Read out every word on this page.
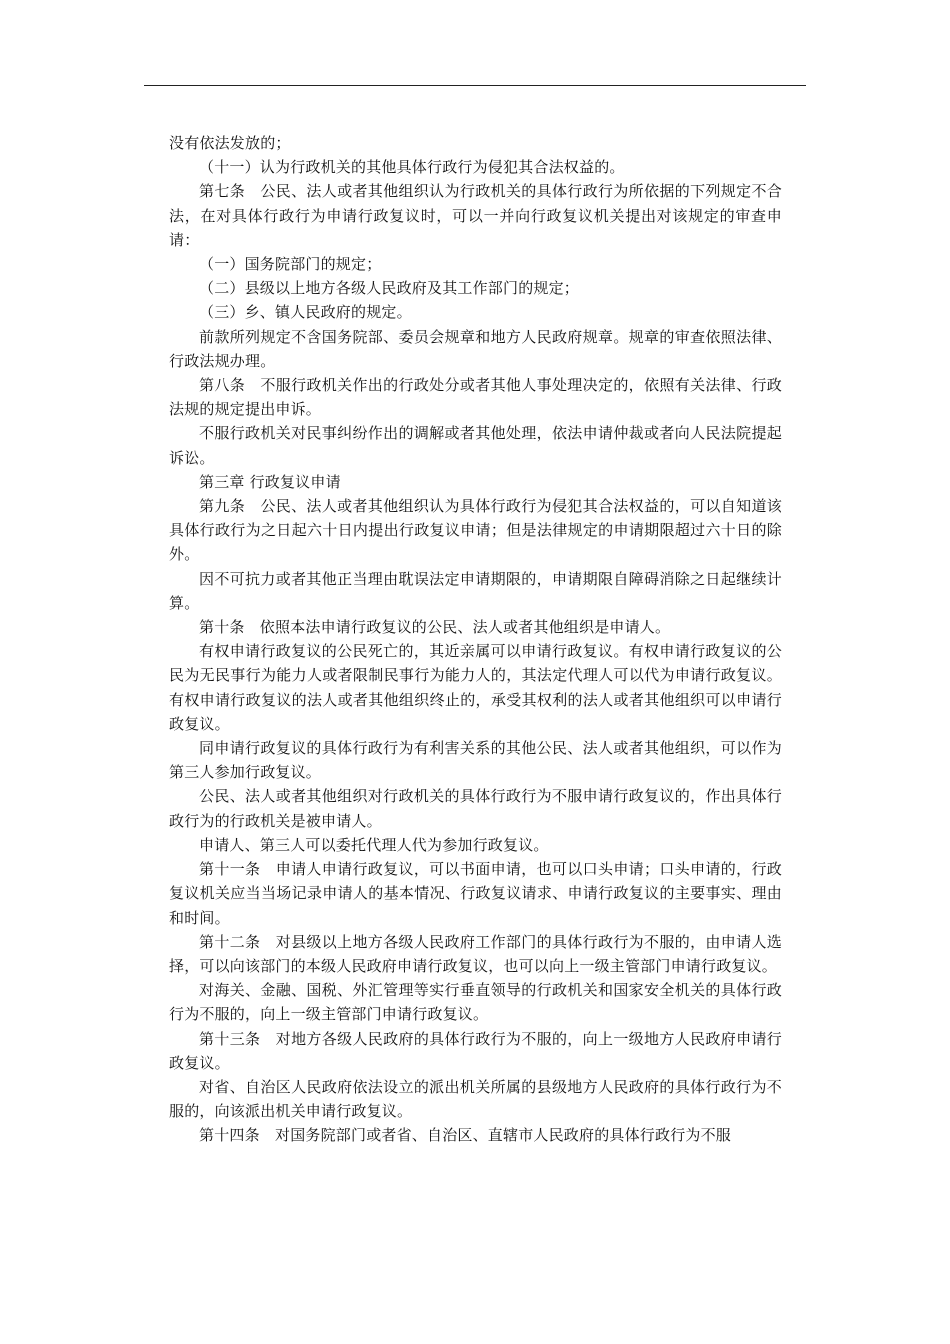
没有依法发放的；

（十一）认为行政机关的其他具体行政行为侵犯其合法权益的。

第七条　公民、法人或者其他组织认为行政机关的具体行政行为所依据的下列规定不合法，在对具体行政行为申请行政复议时，可以一并向行政复议机关提出对该规定的审查申请：

（一）国务院部门的规定；

（二）县级以上地方各级人民政府及其工作部门的规定；

（三）乡、镇人民政府的规定。

前款所列规定不含国务院部、委员会规章和地方人民政府规章。规章的审查依照法律、行政法规办理。

第八条　不服行政机关作出的行政处分或者其他人事处理决定的，依照有关法律、行政法规的规定提出申诉。

不服行政机关对民事纠纷作出的调解或者其他处理，依法申请仲裁或者向人民法院提起诉讼。

第三章 行政复议申请

第九条　公民、法人或者其他组织认为具体行政行为侵犯其合法权益的，可以自知道该具体行政行为之日起六十日内提出行政复议申请；但是法律规定的申请期限超过六十日的除外。

因不可抗力或者其他正当理由耽误法定申请期限的，申请期限自障碍消除之日起继续计算。

第十条　依照本法申请行政复议的公民、法人或者其他组织是申请人。

有权申请行政复议的公民死亡的，其近亲属可以申请行政复议。有权申请行政复议的公民为无民事行为能力人或者限制民事行为能力人的，其法定代理人可以代为申请行政复议。有权申请行政复议的法人或者其他组织终止的，承受其权利的法人或者其他组织可以申请行政复议。

同申请行政复议的具体行政行为有利害关系的其他公民、法人或者其他组织，可以作为第三人参加行政复议。

公民、法人或者其他组织对行政机关的具体行政行为不服申请行政复议的，作出具体行政行为的行政机关是被申请人。

申请人、第三人可以委托代理人代为参加行政复议。

第十一条　申请人申请行政复议，可以书面申请，也可以口头申请；口头申请的，行政复议机关应当当场记录申请人的基本情况、行政复议请求、申请行政复议的主要事实、理由和时间。

第十二条　对县级以上地方各级人民政府工作部门的具体行政行为不服的，由申请人选择，可以向该部门的本级人民政府申请行政复议，也可以向上一级主管部门申请行政复议。

对海关、金融、国税、外汇管理等实行垂直领导的行政机关和国家安全机关的具体行政行为不服的，向上一级主管部门申请行政复议。

第十三条　对地方各级人民政府的具体行政行为不服的，向上一级地方人民政府申请行政复议。

对省、自治区人民政府依法设立的派出机关所属的县级地方人民政府的具体行政行为不服的，向该派出机关申请行政复议。

第十四条　对国务院部门或者省、自治区、直辖市人民政府的具体行政行为不服
